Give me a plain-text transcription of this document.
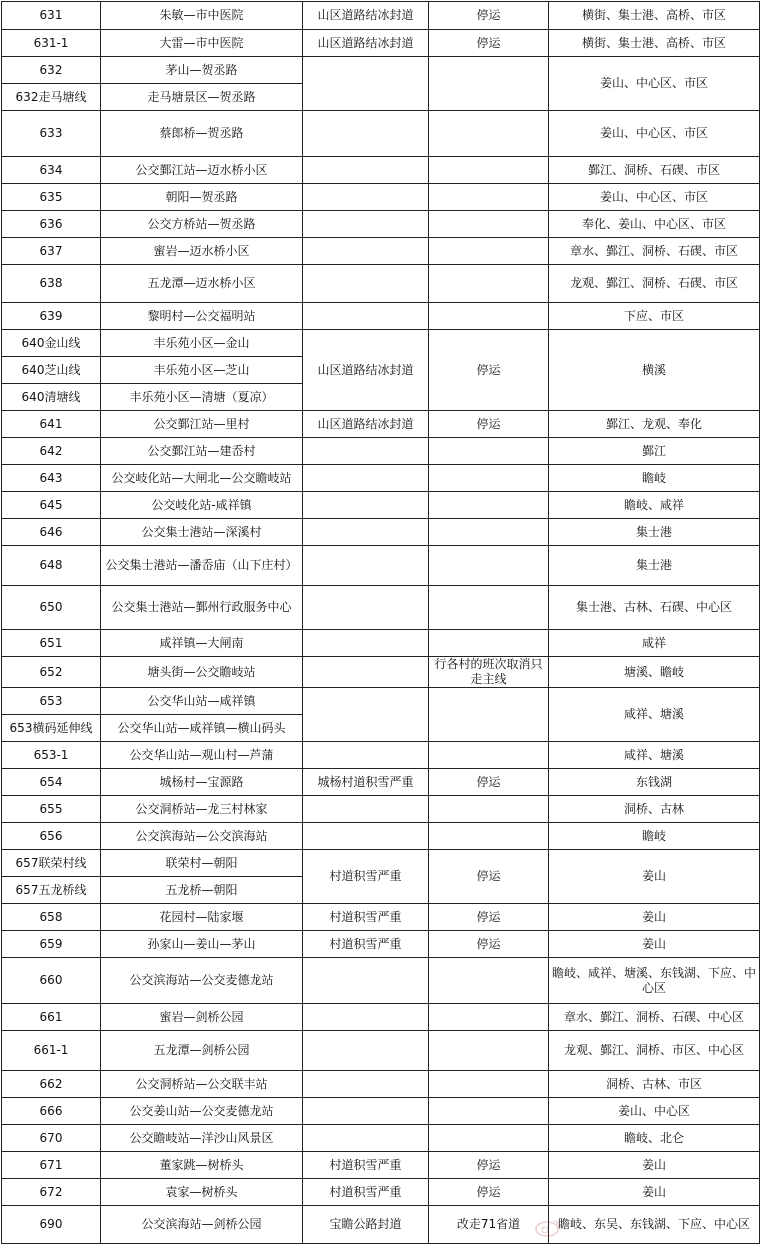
631	朱敏—市中医院	山区道路结冰封道	停运	横街、集士港、高桥、市区
631-1	大雷—市中医院	山区道路结冰封道	停运	横街、集士港、高桥、市区
632	茅山—贺丞路			姜山、中心区、市区
632走马塘线	走马塘景区—贺丞路			
633	蔡郎桥—贺丞路			姜山、中心区、市区
634	公交鄞江站—迈水桥小区			鄞江、洞桥、石碶、市区
635	朝阳—贺丞路			姜山、中心区、市区
636	公交方桥站—贺丞路			奉化、姜山、中心区、市区
637	蜜岩—迈水桥小区			章水、鄞江、洞桥、石碶、市区
638	五龙潭—迈水桥小区			龙观、鄞江、洞桥、石碶、市区
639	黎明村—公交福明站			下应、市区
640金山线	丰乐苑小区—金山	山区道路结冰封道	停运	横溪
640芝山线	丰乐苑小区—芝山			
640清塘线	丰乐苑小区—清塘（夏凉）			
641	公交鄞江站—里村	山区道路结冰封道	停运	鄞江、龙观、奉化
642	公交鄞江站—建岙村			鄞江
643	公交岐化站—大闸北—公交瞻岐站			瞻岐
645	公交岐化站-咸祥镇			瞻岐、咸祥
646	公交集士港站—深溪村			集士港
648	公交集士港站—潘岙庙（山下庄村）			集士港
650	公交集士港站—鄞州行政服务中心			集士港、古林、石碶、中心区
651	咸祥镇—大闸南			咸祥
652	塘头街—公交瞻岐站		行各村的班次取消只走主线	塘溪、瞻岐
653	公交华山站—咸祥镇			咸祥、塘溪
653横码延伸线	公交华山站—咸祥镇—横山码头			
653-1	公交华山站—观山村—芦蒲			咸祥、塘溪
654	城杨村—宝源路	城杨村道积雪严重	停运	东钱湖
655	公交洞桥站—龙三村林家			洞桥、古林
656	公交滨海站—公交滨海站			瞻岐
657联荣村线	联荣村—朝阳	村道积雪严重	停运	姜山
657五龙桥线	五龙桥—朝阳			
658	花园村—陆家堰	村道积雪严重	停运	姜山
659	孙家山—姜山—茅山	村道积雪严重	停运	姜山
660	公交滨海站—公交麦德龙站			瞻岐、咸祥、塘溪、东钱湖、下应、中心区
661	蜜岩—剑桥公园			章水、鄞江、洞桥、石碶、中心区
661-1	五龙潭—剑桥公园			龙观、鄞江、洞桥、市区、中心区
662	公交洞桥站—公交联丰站			洞桥、古林、市区
666	公交姜山站—公交麦德龙站			姜山、中心区
670	公交瞻岐站—洋沙山风景区			瞻岐、北仑
671	董家跳—树桥头	村道积雪严重	停运	姜山
672	袁家—树桥头	村道积雪严重	停运	姜山
690	公交滨海站—剑桥公园	宝瞻公路封道	改走71省道	瞻岐、东吴、东钱湖、下应、中心区
